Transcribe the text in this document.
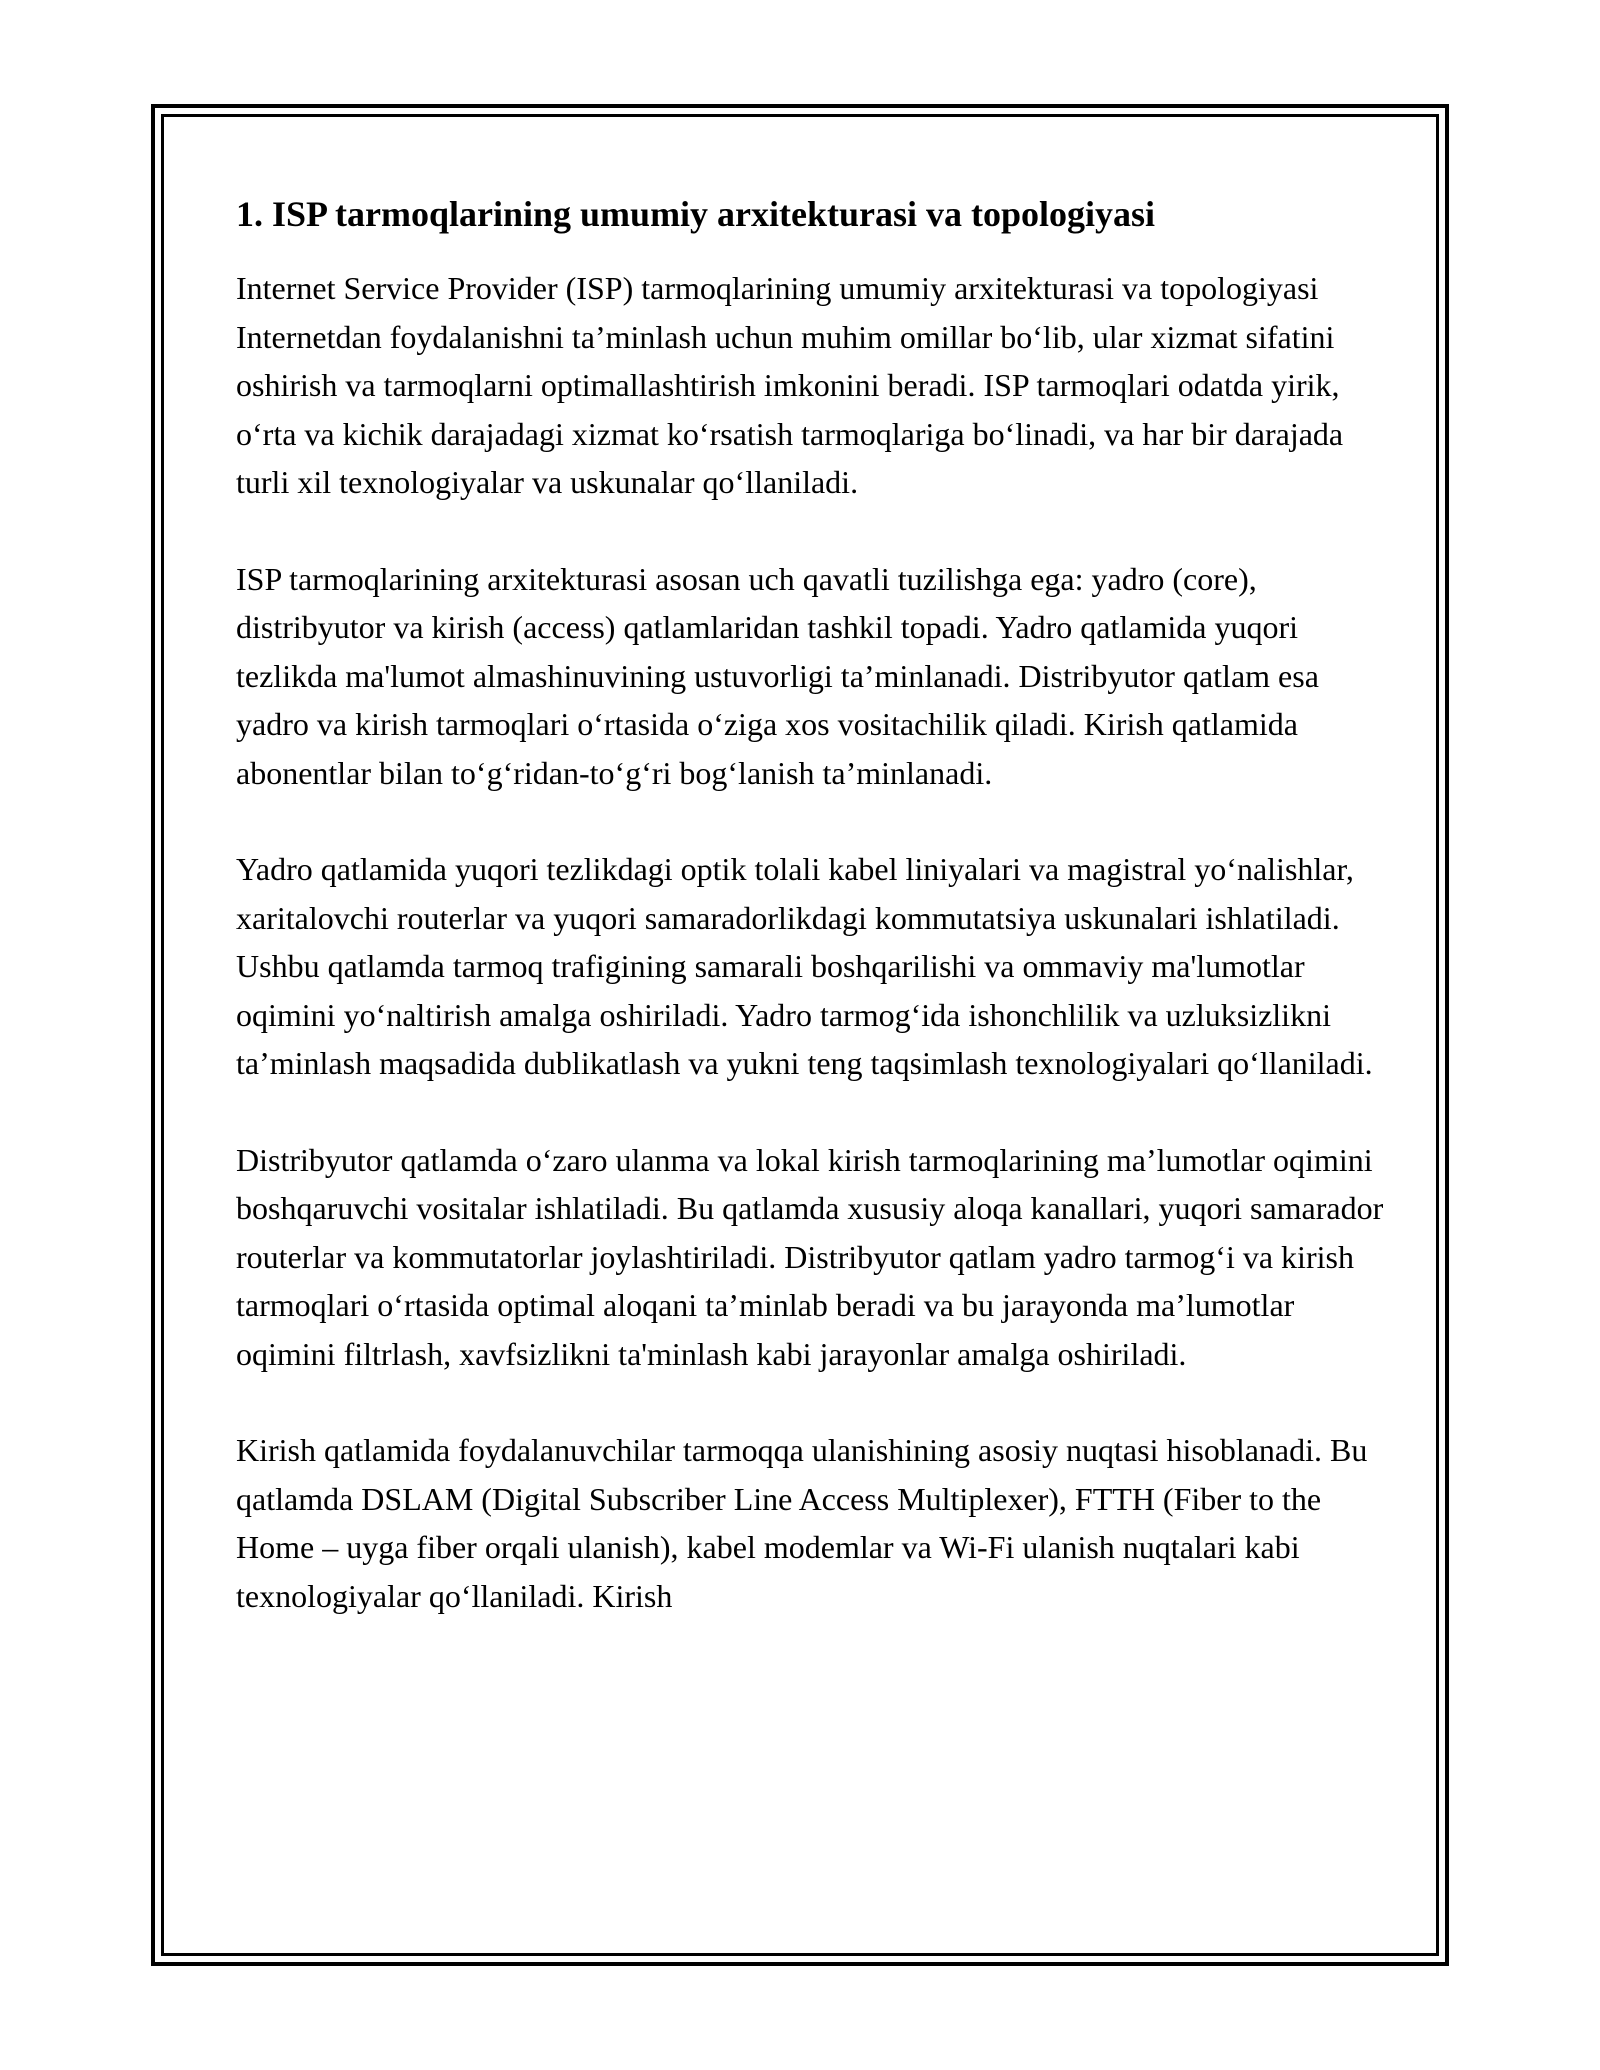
1. ISP tarmoqlarining umumiy arxitekturasi va topologiyasi

Internet Service Provider (ISP) tarmoqlarining umumiy arxitekturasi va topologiyasi Internetdan foydalanishni ta’minlash uchun muhim omillar bo‘lib, ular xizmat sifatini oshirish va tarmoqlarni optimallashtirish imkonini beradi. ISP tarmoqlari odatda yirik, o‘rta va kichik darajadagi xizmat ko‘rsatish tarmoqlariga bo‘linadi, va har bir darajada turli xil texnologiyalar va uskunalar qo‘llaniladi.

ISP tarmoqlarining arxitekturasi asosan uch qavatli tuzilishga ega: yadro (core), distribyutor va kirish (access) qatlamlaridan tashkil topadi. Yadro qatlamida yuqori tezlikda ma'lumot almashinuvining ustuvorligi ta’minlanadi. Distribyutor qatlam esa yadro va kirish tarmoqlari o‘rtasida o‘ziga xos vositachilik qiladi. Kirish qatlamida abonentlar bilan to‘g‘ridan-to‘g‘ri bog‘lanish ta’minlanadi.

Yadro qatlamida yuqori tezlikdagi optik tolali kabel liniyalari va magistral yo‘nalishlar, xaritalovchi routerlar va yuqori samaradorlikdagi kommutatsiya uskunalari ishlatiladi. Ushbu qatlamda tarmoq trafigining samarali boshqarilishi va ommaviy ma'lumotlar oqimini yo‘naltirish amalga oshiriladi. Yadro tarmog‘ida ishonchlilik va uzluksizlikni ta’minlash maqsadida dublikatlash va yukni teng taqsimlash texnologiyalari qo‘llaniladi.

Distribyutor qatlamda o‘zaro ulanma va lokal kirish tarmoqlarining ma’lumotlar oqimini boshqaruvchi vositalar ishlatiladi. Bu qatlamda xususiy aloqa kanallari, yuqori samarador routerlar va kommutatorlar joylashtiriladi. Distribyutor qatlam yadro tarmog‘i va kirish tarmoqlari o‘rtasida optimal aloqani ta’minlab beradi va bu jarayonda ma’lumotlar oqimini filtrlash, xavfsizlikni ta'minlash kabi jarayonlar amalga oshiriladi.

Kirish qatlamida foydalanuvchilar tarmoqqa ulanishining asosiy nuqtasi hisoblanadi. Bu qatlamda DSLAM (Digital Subscriber Line Access Multiplexer), FTTH (Fiber to the Home – uyga fiber orqali ulanish), kabel modemlar va Wi-Fi ulanish nuqtalari kabi texnologiyalar qo‘llaniladi. Kirish
